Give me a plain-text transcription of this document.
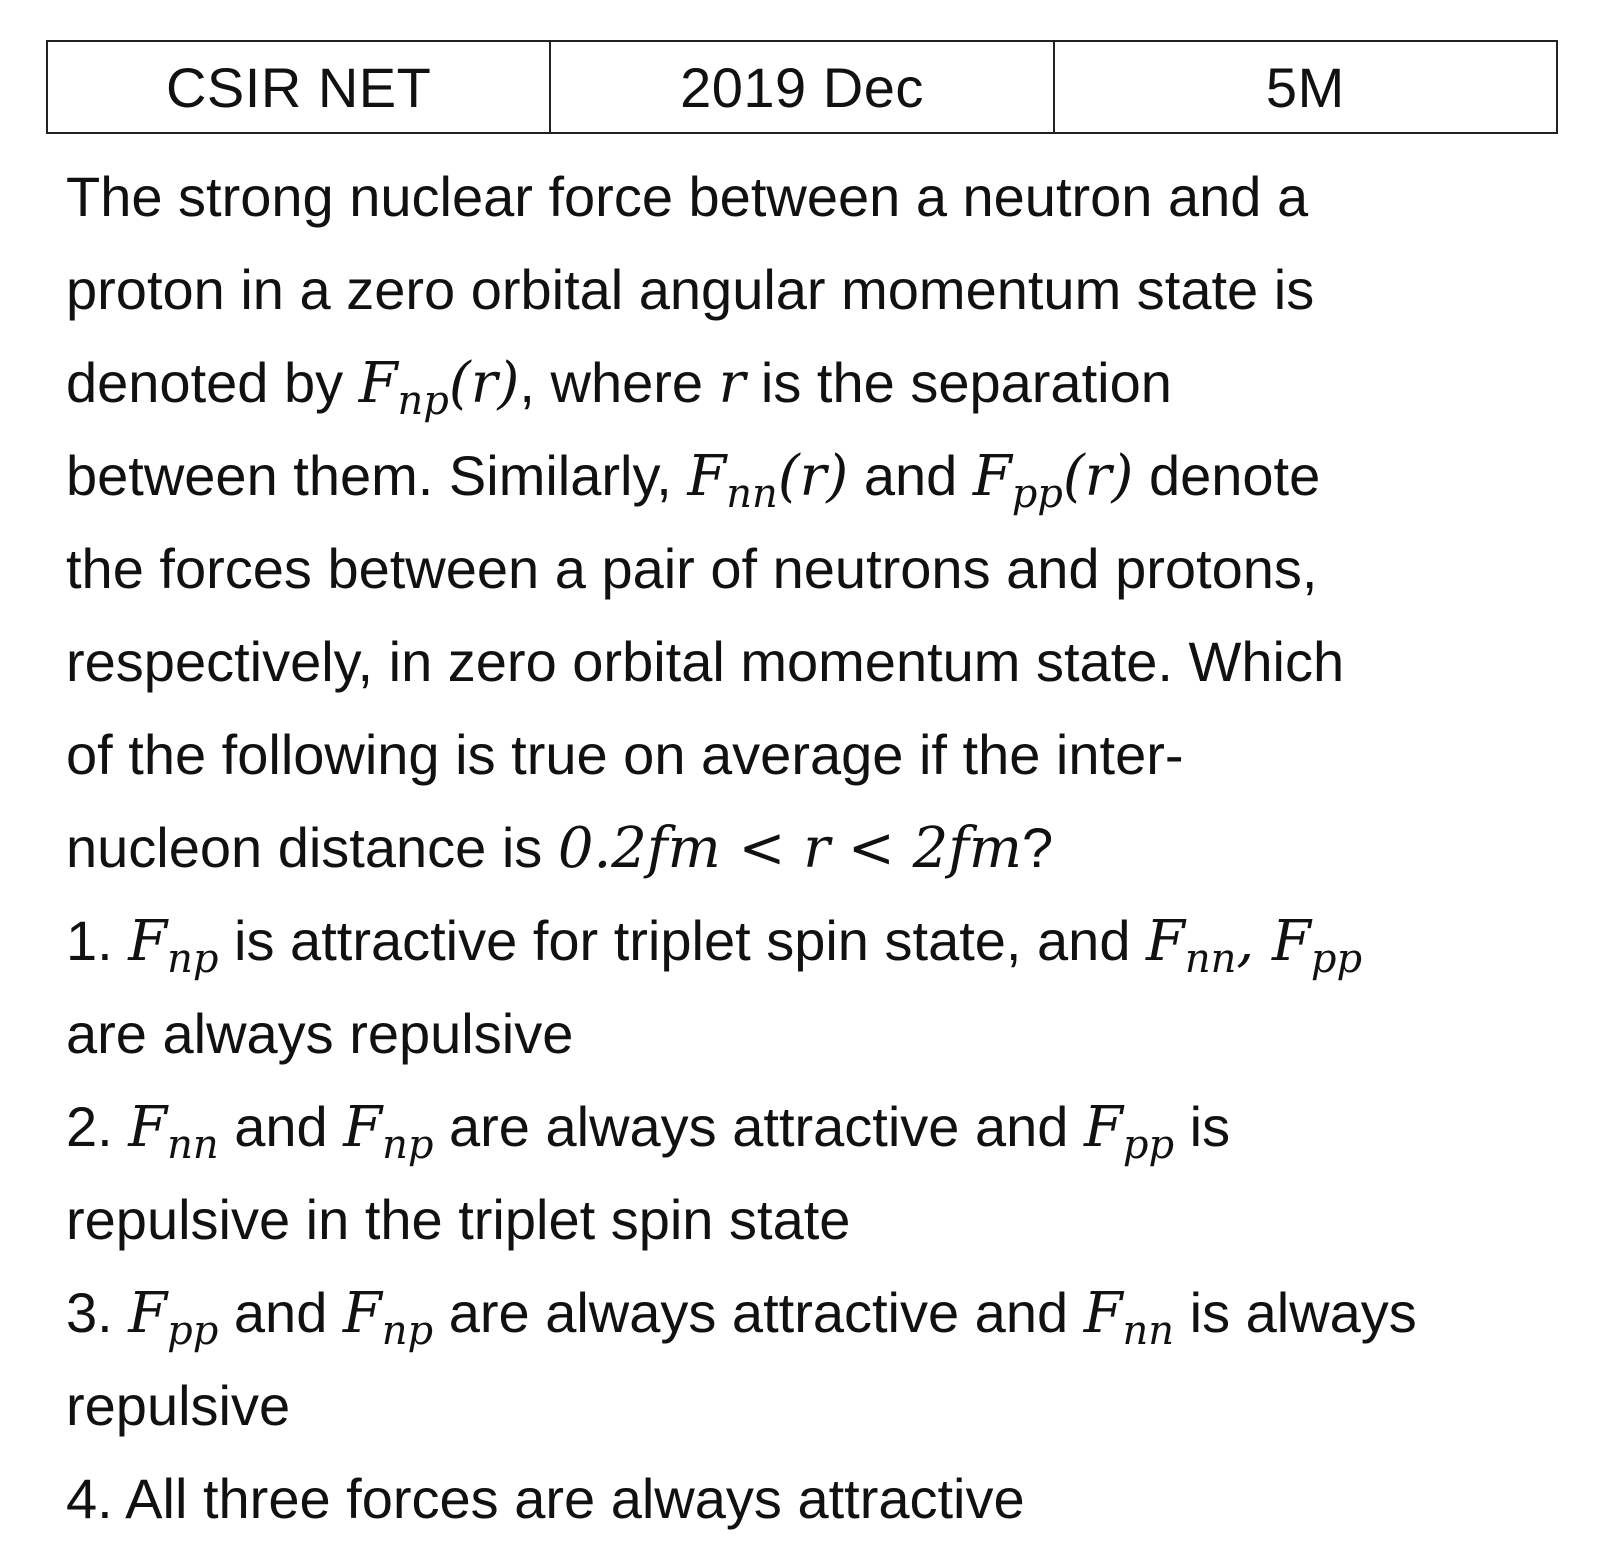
CSIR NET	2019 Dec	5M
The strong nuclear force between a neutron and a
proton in a zero orbital angular momentum state is
denoted by $F_{np}(r)$, where r is the separation
between them. Similarly, $F_{nn}(r)$ and $F_{pp}(r)$ denote
the forces between a pair of neutrons and protons,
respectively, in zero orbital momentum state. Which
of the following is true on average if the inter-
nucleon distance is 0.2fm < r < 2fm?
1. $F_{np}$ is attractive for triplet spin state, and $F_{nn}$, $F_{pp}$
are always repulsive
2. $F_{nn}$ and $F_{np}$ are always attractive and $F_{pp}$ is
repulsive in the triplet spin state
3. $F_{pp}$ and $F_{np}$ are always attractive and $F_{nn}$ is always
repulsive
4. All three forces are always attractive
